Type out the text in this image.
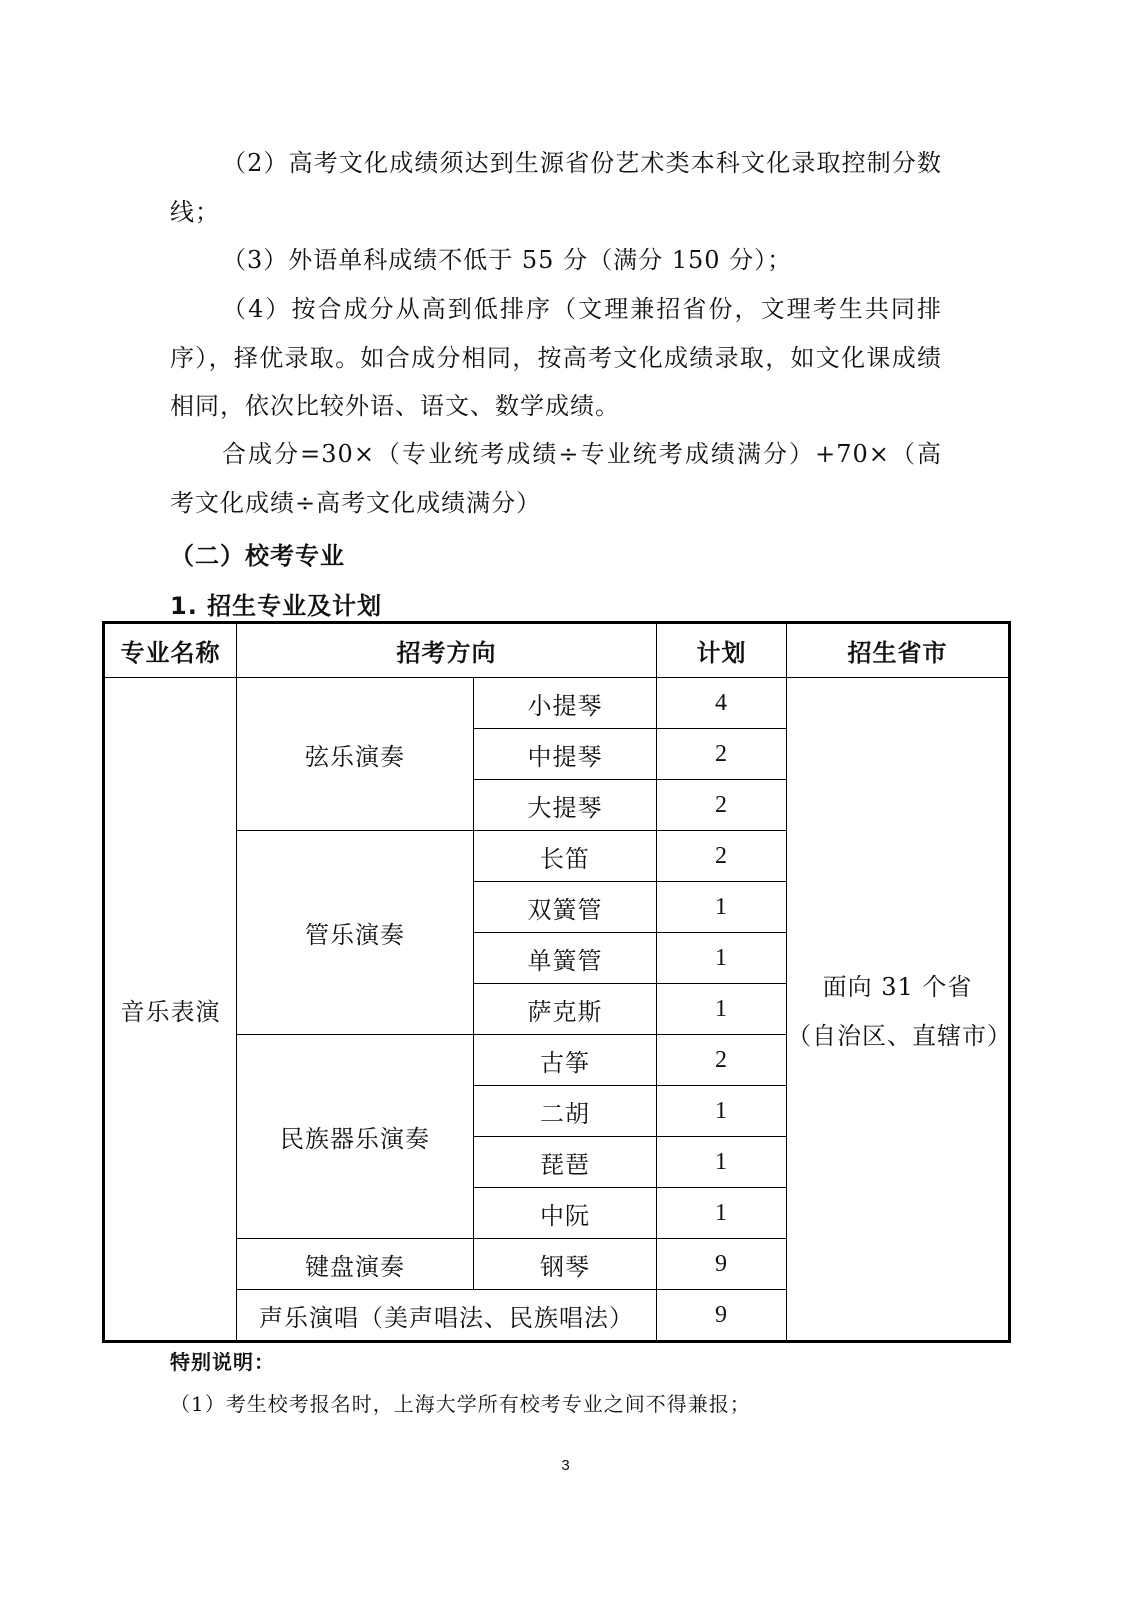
（2）高考文化成绩须达到生源省份艺术类本科文化录取控制分数线；

（3）外语单科成绩不低于 55 分（满分 150 分）；

（4）按合成分从高到低排序（文理兼招省份，文理考生共同排序），择优录取。如合成分相同，按高考文化成绩录取，如文化课成绩相同，依次比较外语、语文、数学成绩。

合成分=30×（专业统考成绩÷专业统考成绩满分）+70×（高考文化成绩÷高考文化成绩满分）

（二）校考专业
1. 招生专业及计划
专业名称	招考方向		计划	招生省市
音乐表演	弦乐演奏	小提琴	4	面向 31 个省
（自治区、直辖市）

		中提琴	2	
		大提琴	2	
	管乐演奏	长笛	2	
		双簧管	1	
		单簧管	1	
		萨克斯	1	
	民族器乐演奏	古筝	2	
		二胡	1	
		琵琶	1	
		中阮	1	
	键盘演奏	钢琴	9	
	声乐演唱（美声唱法、民族唱法）		9	

特别说明：

（1）考生校考报名时，上海大学所有校考专业之间不得兼报；

3
